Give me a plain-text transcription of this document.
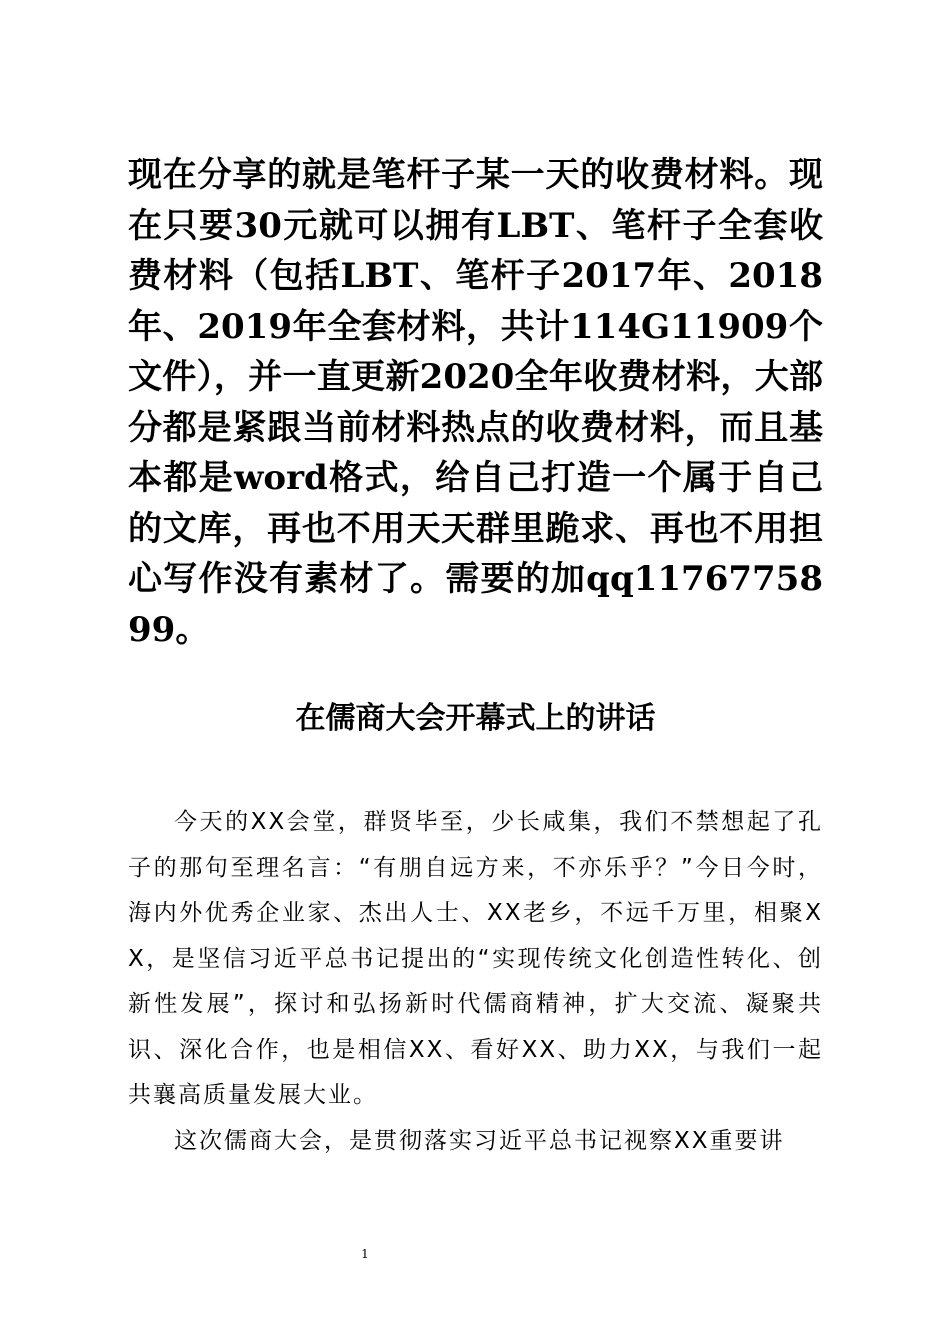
现在分享的就是笔杆子某一天的收费材料。现在只要30元就可以拥有LBT、笔杆子全套收费材料（包括LBT、笔杆子2017年、2018年、2019年全套材料，共计114G11909个文件），并一直更新2020全年收费材料，大部分都是紧跟当前材料热点的收费材料，而且基本都是word格式，给自己打造一个属于自己的文库，再也不用天天群里跪求、再也不用担心写作没有素材了。需要的加qq1176775899。

在儒商大会开幕式上的讲话

今天的XX会堂，群贤毕至，少长咸集，我们不禁想起了孔子的那句至理名言：“有朋自远方来，不亦乐乎？”今日今时，海内外优秀企业家、杰出人士、XX老乡，不远千万里，相聚XX，是坚信习近平总书记提出的“实现传统文化创造性转化、创新性发展”，探讨和弘扬新时代儒商精神，扩大交流、凝聚共识、深化合作，也是相信XX、看好XX、助力XX，与我们一起共襄高质量发展大业。

这次儒商大会，是贯彻落实习近平总书记视察XX重要讲

1
